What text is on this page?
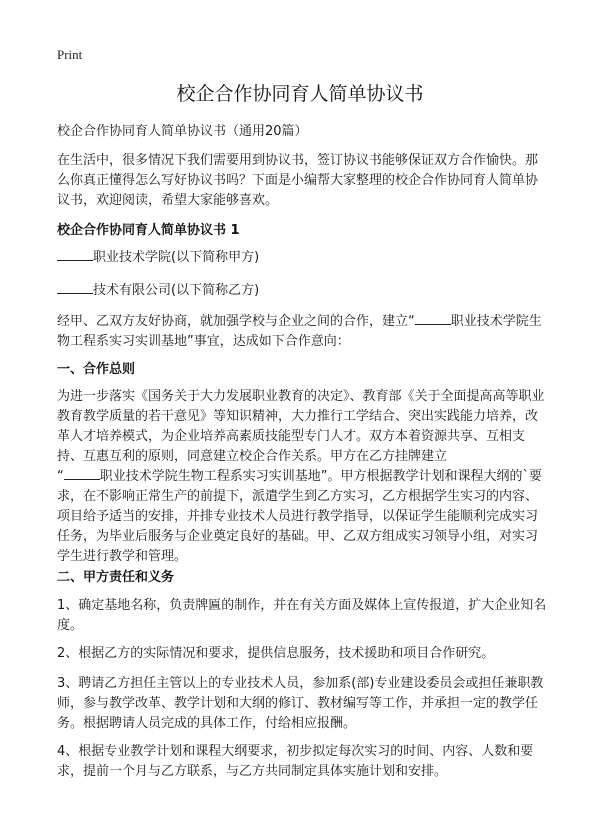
Print
校企合作协同育人简单协议书

校企合作协同育人简单协议书（通用20篇）

在生活中，很多情况下我们需要用到协议书，签订协议书能够保证双方合作愉快。那么你真正懂得怎么写好协议书吗？下面是小编帮大家整理的校企合作协同育人简单协议书，欢迎阅读，希望大家能够喜欢。

校企合作协同育人简单协议书 1

职业技术学院(以下简称甲方)

技术有限公司(以下简称乙方)

经甲、乙双方友好协商，就加强学校与企业之间的合作，建立“	职业技术学院生物工程系实习实训基地”事宜，达成如下合作意向：

一、合作总则

为进一步落实《国务关于大力发展职业教育的决定》、教育部《关于全面提高高等职业教育教学质量的若干意见》等知识精神，大力推行工学结合、突出实践能力培养，改革人才培养模式，为企业培养高素质技能型专门人才。双方本着资源共享、互相支持、互惠互利的原则，同意建立校企合作关系。甲方在乙方挂牌建立
“	职业技术学院生物工程系实习实训基地”。甲方根据教学计划和课程大纲的`要求，在不影响正常生产的前提下，派遣学生到乙方实习，乙方根据学生实习的内容、项目给予适当的安排，并排专业技术人员进行教学指导，以保证学生能顺利完成实习任务，为毕业后服务与企业奠定良好的基础。甲、乙双方组成实习领导小组，对实习学生进行教学和管理。

二、甲方责任和义务

1、确定基地名称，负责牌匾的制作，并在有关方面及媒体上宣传报道，扩大企业知名度。

2、根据乙方的实际情况和要求，提供信息服务，技术援助和项目合作研究。

3、聘请乙方担任主管以上的专业技术人员，参加系(部)专业建设委员会或担任兼职教师，参与教学改革、教学计划和大纲的修订、教材编写等工作，并承担一定的教学任务。根据聘请人员完成的具体工作，付给相应报酬。

4、根据专业教学计划和课程大纲要求，初步拟定每次实习的时间、内容、人数和要求，提前一个月与乙方联系，与乙方共同制定具体实施计划和安排。
